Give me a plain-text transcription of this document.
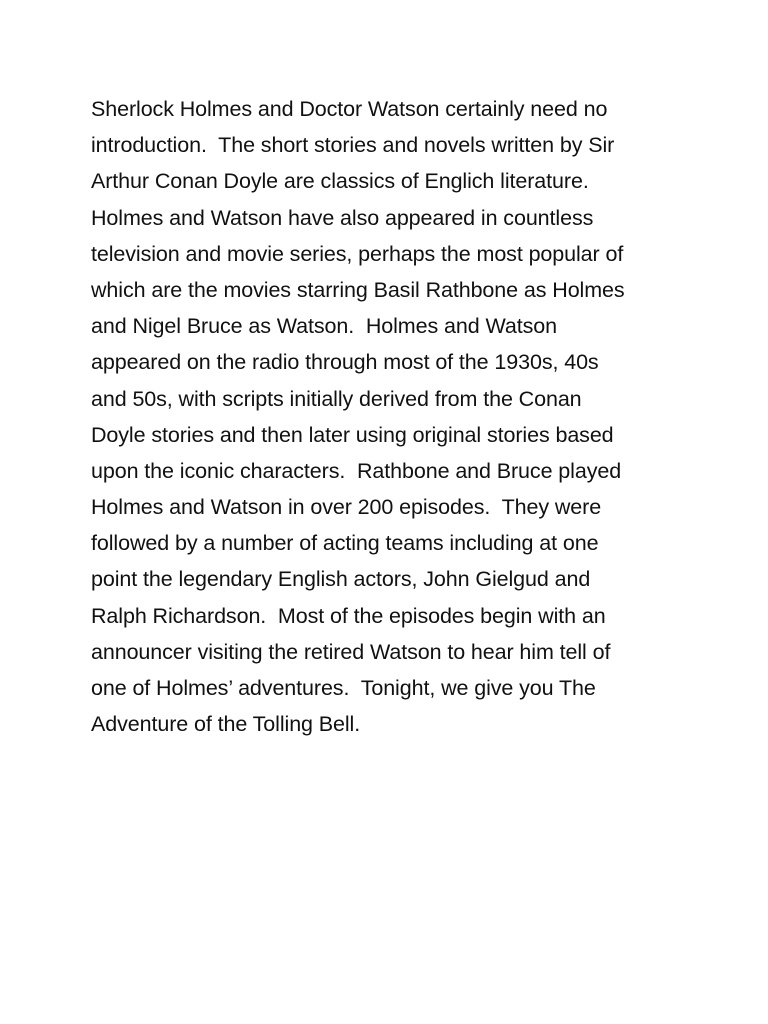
Sherlock Holmes and Doctor Watson certainly need no
introduction.  The short stories and novels written by Sir
Arthur Conan Doyle are classics of Englich literature.
Holmes and Watson have also appeared in countless
television and movie series, perhaps the most popular of
which are the movies starring Basil Rathbone as Holmes
and Nigel Bruce as Watson.  Holmes and Watson
appeared on the radio through most of the 1930s, 40s
and 50s, with scripts initially derived from the Conan
Doyle stories and then later using original stories based
upon the iconic characters.  Rathbone and Bruce played
Holmes and Watson in over 200 episodes.  They were
followed by a number of acting teams including at one
point the legendary English actors, John Gielgud and
Ralph Richardson.  Most of the episodes begin with an
announcer visiting the retired Watson to hear him tell of
one of Holmes’ adventures.  Tonight, we give you The
Adventure of the Tolling Bell.
